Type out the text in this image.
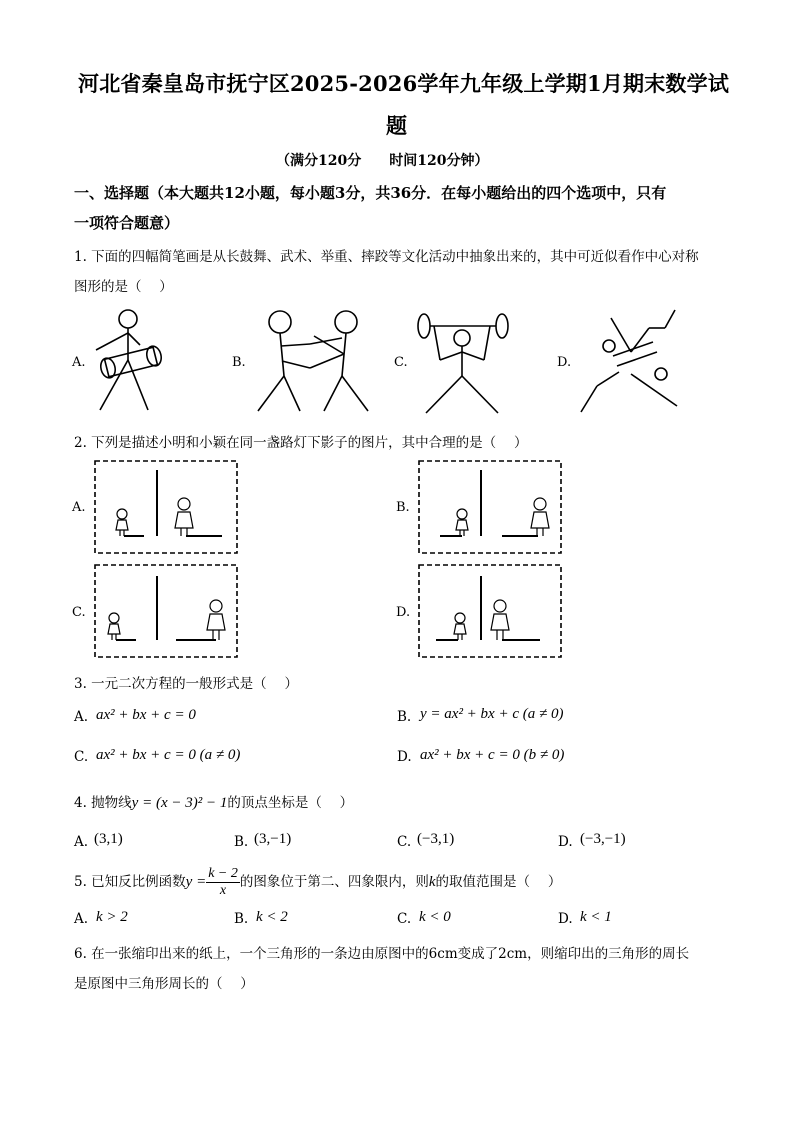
河北省秦皇岛市抚宁区2025-2026学年九年级上学期1月期末数学试
题
（满分120分　　时间120分钟）
一、选择题（本大题共12小题，每小题3分，共36分．在每小题给出的四个选项中，只有
一项符合题意）
1. 下面的四幅简笔画是从长鼓舞、武术、举重、摔跤等文化活动中抽象出来的，其中可近似看作中心对称
图形的是（　 ）
A.	B.	C.	D.
2. 下列是描述小明和小颖在同一盏路灯下影子的图片，其中合理的是（　 ）
A.	B.
C.	D.
3. 一元二次方程的一般形式是（　 ）
A. ax² + bx + c = 0	B. y = ax² + bx + c (a ≠ 0)
C. ax² + bx + c = 0 (a ≠ 0)	D. ax² + bx + c = 0 (b ≠ 0)
4. 抛物线y = (x − 3)² − 1的顶点坐标是（　 ）
A. (3,1)	B. (3,−1)	C. (−3,1)	D. (−3,−1)
5. 已知反比例函数$y = \frac{k - 2}{x}$ 的图象位于第二、四象限内，则k的取值范围是（　 ）
A. k > 2	B. k < 2	C. k < 0	D. k < 1
6. 在一张缩印出来的纸上，一个三角形的一条边由原图中的6cm变成了2cm，则缩印出的三角形的周长
是原图中三角形周长的（　 ）
